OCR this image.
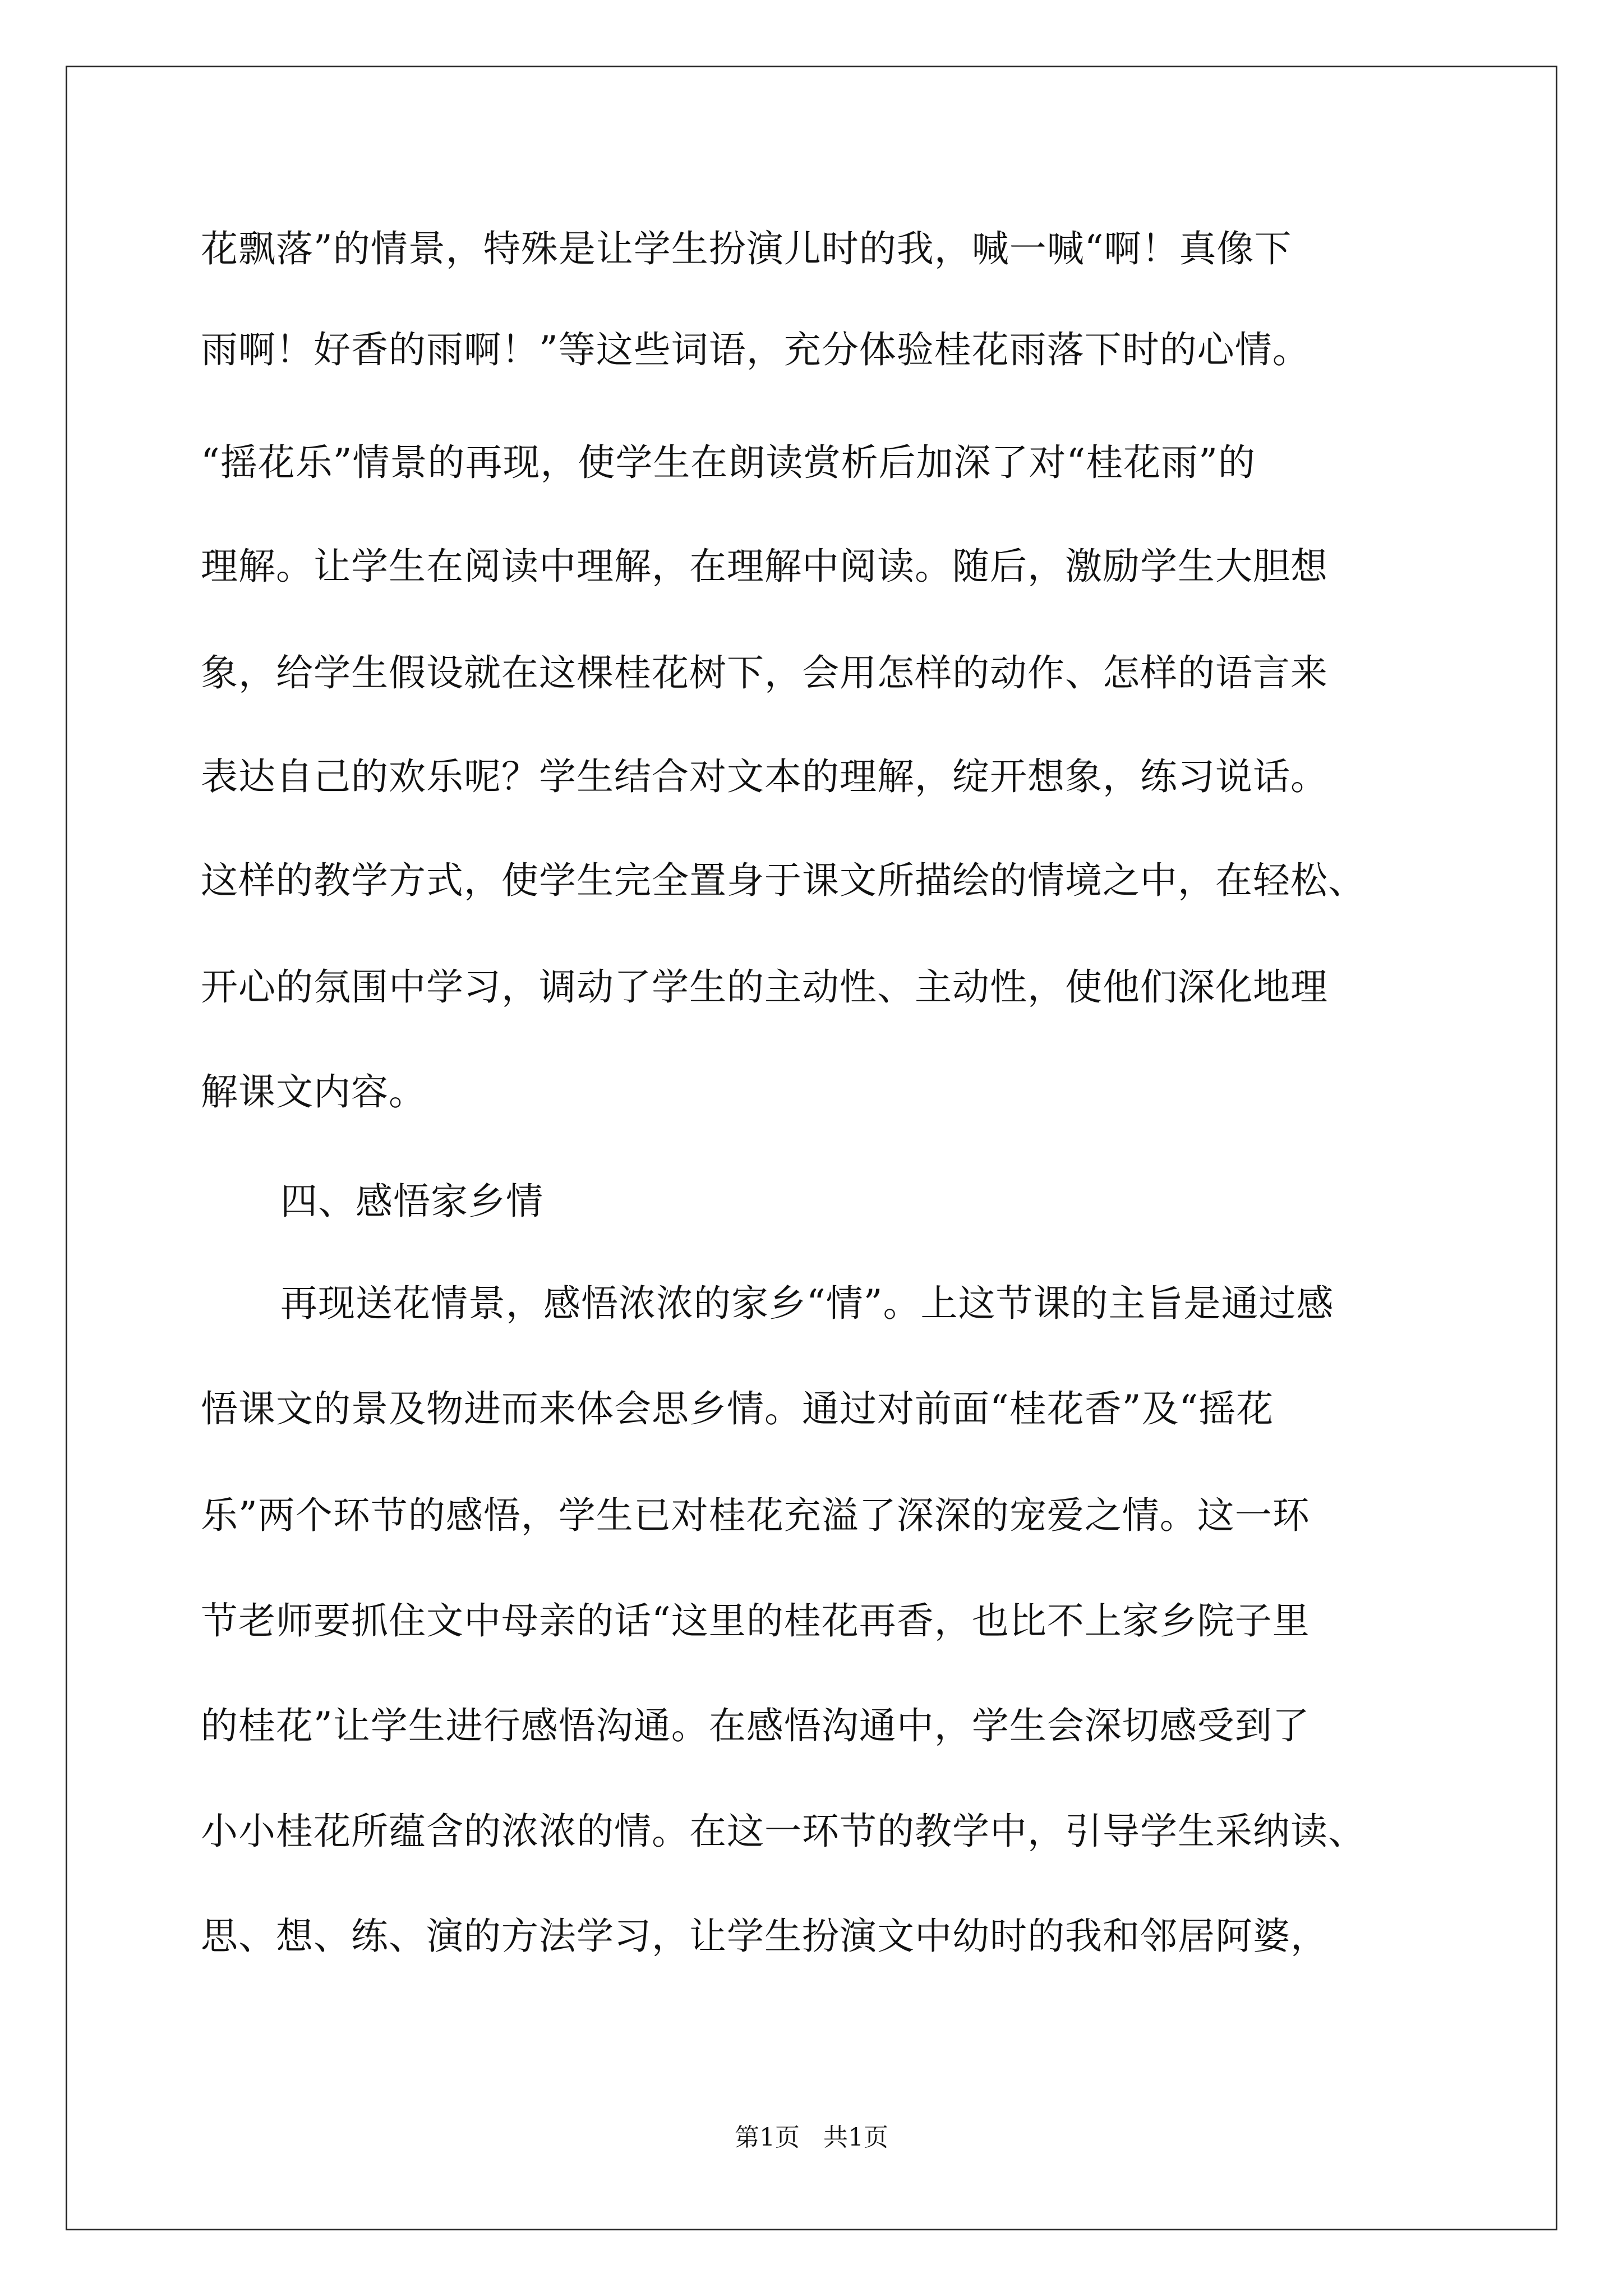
花飘落”的情景，特殊是让学生扮演儿时的我，喊一喊“啊！真像下
雨啊！好香的雨啊！”等这些词语，充分体验桂花雨落下时的心情。
“摇花乐”情景的再现，使学生在朗读赏析后加深了对“桂花雨”的
理解。让学生在阅读中理解，在理解中阅读。随后，激励学生大胆想
象，给学生假设就在这棵桂花树下，会用怎样的动作、怎样的语言来
表达自己的欢乐呢？学生结合对文本的理解，绽开想象，练习说话。
这样的教学方式，使学生完全置身于课文所描绘的情境之中，在轻松、
开心的氛围中学习，调动了学生的主动性、主动性，使他们深化地理
解课文内容。
四、感悟家乡情
再现送花情景，感悟浓浓的家乡“情”。上这节课的主旨是通过感
悟课文的景及物进而来体会思乡情。通过对前面“桂花香”及“摇花
乐”两个环节的感悟，学生已对桂花充溢了深深的宠爱之情。这一环
节老师要抓住文中母亲的话“这里的桂花再香，也比不上家乡院子里
的桂花”让学生进行感悟沟通。在感悟沟通中，学生会深切感受到了
小小桂花所蕴含的浓浓的情。在这一环节的教学中，引导学生采纳读、
思、想、练、演的方法学习，让学生扮演文中幼时的我和邻居阿婆，
第1页   共1页
